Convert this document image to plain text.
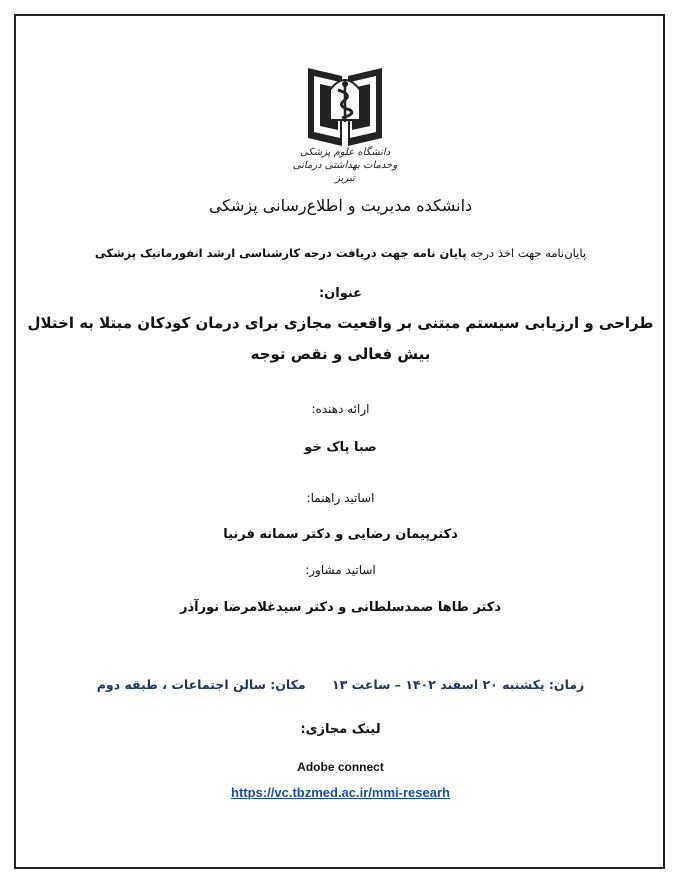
دانشگاه علوم پزشکی
وخدمات بهداشتی درمانی تبریز
دانشکده مدیریت و اطلاع‌رسانی پزشکی
پایان‌نامه جهت اخذ درجه پایان نامه جهت دریافت درجه کارشناسی ارشد انفورماتیک پزشکی
عنوان:
طراحی و ارزیابی سیستم مبتنی بر واقعیت مجازی برای درمان کودکان مبتلا به اختلال
بیش فعالی و نقص توجه
ارائه دهنده:
صبا پاک خو
اساتید راهنما:
دکترپیمان رضایی و دکتر سمانه فرنیا
اساتید مشاور:
دکتر طاها صمدسلطانی و دکتر سیدغلامرضا نورآذر
زمان: یکشنبه ۲۰ اسفند ۱۴۰۲ – ساعت ۱۳ مکان: سالن اجتماعات ، طبقه دوم
لینک مجازی:
Adobe connect
https://vc.tbzmed.ac.ir/mmi-researh
